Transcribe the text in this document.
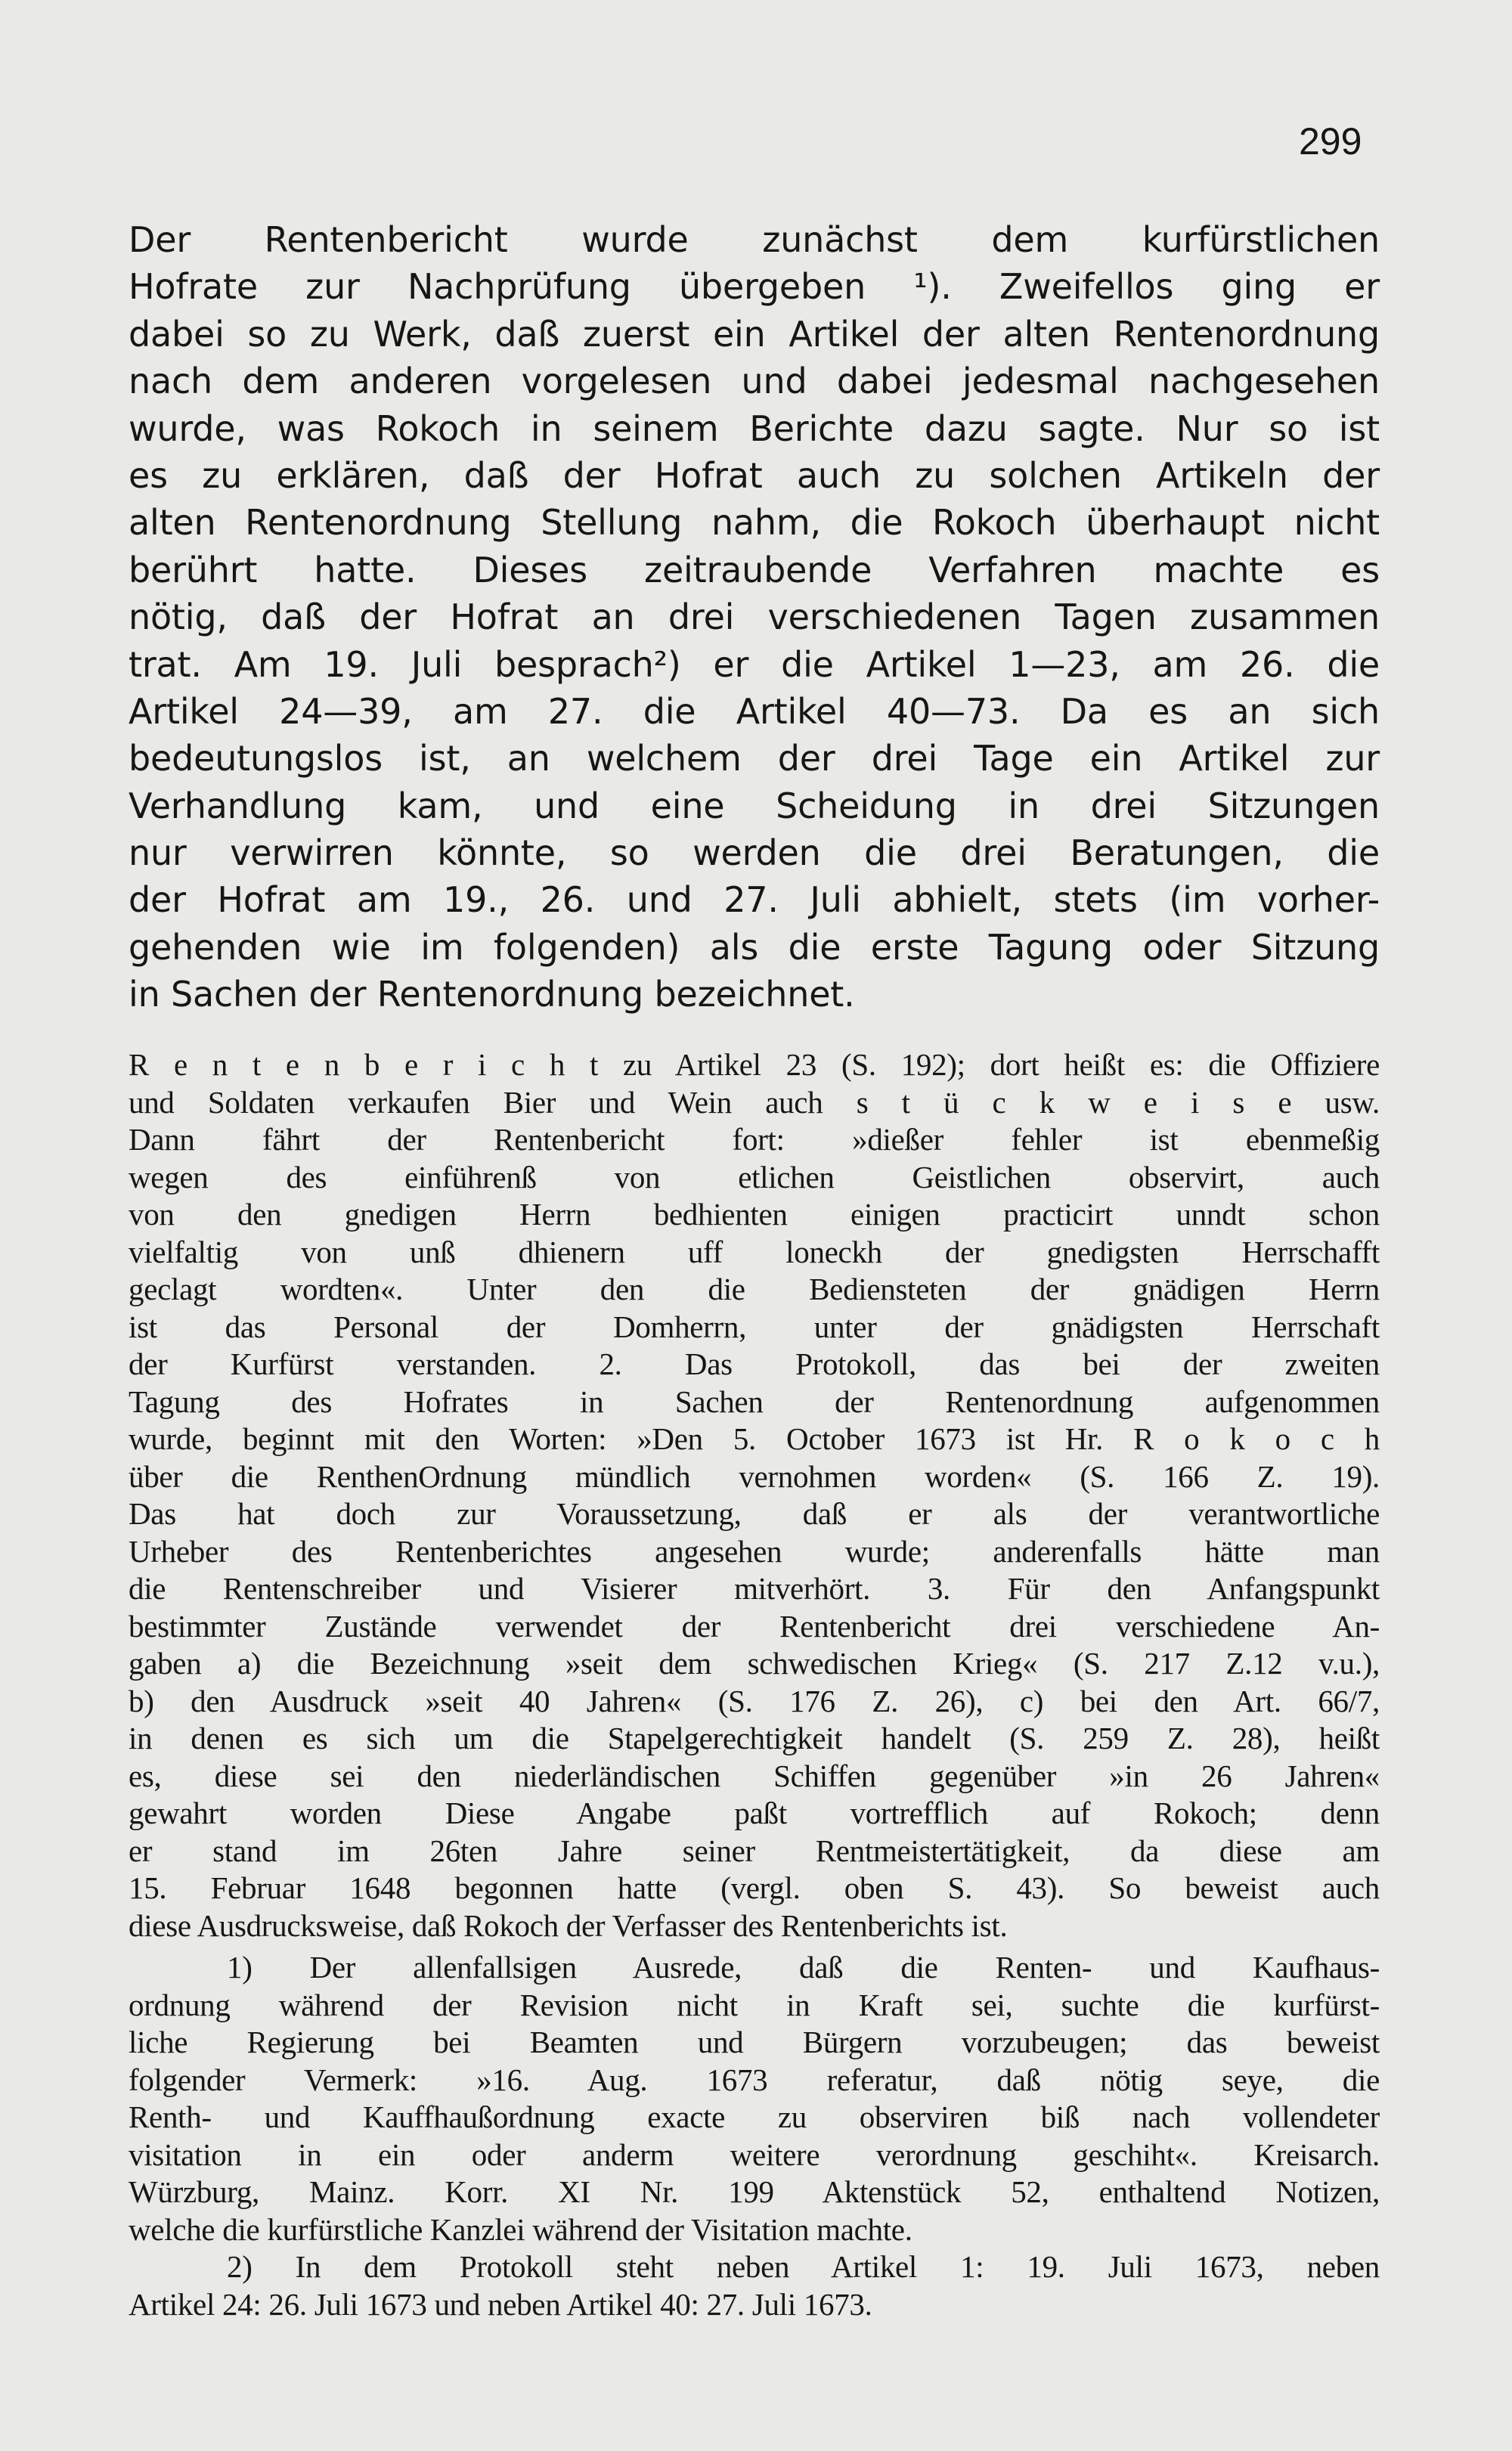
299
Der Rentenbericht wurde zunächst dem kurfürstlichen
Hofrate zur Nachprüfung übergeben ¹). Zweifellos ging er
dabei so zu Werk, daß zuerst ein Artikel der alten Rentenordnung
nach dem anderen vorgelesen und dabei jedesmal nachgesehen
wurde, was Rokoch in seinem Berichte dazu sagte. Nur so ist
es zu erklären, daß der Hofrat auch zu solchen Artikeln der
alten Rentenordnung Stellung nahm, die Rokoch überhaupt nicht
berührt hatte. Dieses zeitraubende Verfahren machte es
nötig, daß der Hofrat an drei verschiedenen Tagen zusammen
trat. Am 19. Juli besprach²) er die Artikel 1—23, am 26. die
Artikel 24—39, am 27. die Artikel 40—73. Da es an sich
bedeutungslos ist, an welchem der drei Tage ein Artikel zur
Verhandlung kam, und eine Scheidung in drei Sitzungen
nur verwirren könnte, so werden die drei Beratungen, die
der Hofrat am 19., 26. und 27. Juli abhielt, stets (im vorher-
gehenden wie im folgenden) als die erste Tagung oder Sitzung
in Sachen der Rentenordnung bezeichnet.
R e n t e n b e r i c h t zu Artikel 23 (S. 192); dort heißt es: die Offiziere
und Soldaten verkaufen Bier und Wein auch s t ü c k w e i s e usw.
Dann fährt der Rentenbericht fort: »dießer fehler ist ebenmeßig
wegen des einführenß von etlichen Geistlichen observirt, auch
von den gnedigen Herrn bedhienten einigen practicirt unndt schon
vielfaltig von unß dhienern uff loneckh der gnedigsten Herrschafft
geclagt wordten«. Unter den die Bediensteten der gnädigen Herrn
ist das Personal der Domherrn, unter der gnädigsten Herrschaft
der Kurfürst verstanden. 2. Das Protokoll, das bei der zweiten
Tagung des Hofrates in Sachen der Rentenordnung aufgenommen
wurde, beginnt mit den Worten: »Den 5. October 1673 ist Hr. R o k o c h
über die RenthenOrdnung mündlich vernohmen worden« (S. 166 Z. 19).
Das hat doch zur Voraussetzung, daß er als der verantwortliche
Urheber des Rentenberichtes angesehen wurde; anderenfalls hätte man
die Rentenschreiber und Visierer mitverhört. 3. Für den Anfangspunkt
bestimmter Zustände verwendet der Rentenbericht drei verschiedene An-
gaben a) die Bezeichnung »seit dem schwedischen Krieg« (S. 217 Z.12 v.u.),
b) den Ausdruck »seit 40 Jahren« (S. 176 Z. 26), c) bei den Art. 66/7,
in denen es sich um die Stapelgerechtigkeit handelt (S. 259 Z. 28), heißt
es, diese sei den niederländischen Schiffen gegenüber »in 26 Jahren«
gewahrt worden Diese Angabe paßt vortrefflich auf Rokoch; denn
er stand im 26ten Jahre seiner Rentmeistertätigkeit, da diese am
15. Februar 1648 begonnen hatte (vergl. oben S. 43). So beweist auch
diese Ausdrucksweise, daß Rokoch der Verfasser des Rentenberichts ist.
1) Der allenfallsigen Ausrede, daß die Renten- und Kaufhaus-
ordnung während der Revision nicht in Kraft sei, suchte die kurfürst-
liche Regierung bei Beamten und Bürgern vorzubeugen; das beweist
folgender Vermerk: »16. Aug. 1673 referatur, daß nötig seye, die
Renth- und Kauffhaußordnung exacte zu observiren biß nach vollendeter
visitation in ein oder anderm weitere verordnung geschiht«. Kreisarch.
Würzburg, Mainz. Korr. XI Nr. 199 Aktenstück 52, enthaltend Notizen,
welche die kurfürstliche Kanzlei während der Visitation machte.
2) In dem Protokoll steht neben Artikel 1: 19. Juli 1673, neben
Artikel 24: 26. Juli 1673 und neben Artikel 40: 27. Juli 1673.
